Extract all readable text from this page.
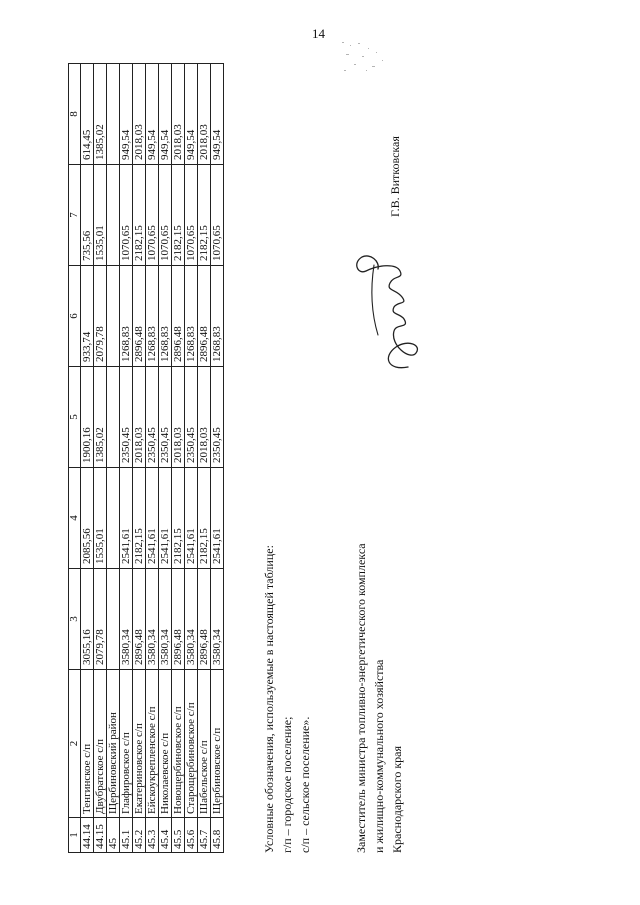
14
1	2	3	4	5	6	7	8
44.14	Тенгинское с/п	3055,16	2085,56	1900,16	933,74	735,56	614,45
44.15	Двубратское с/п	2079,78	1535,01	1385,02	2079,78	1535,01	1385,02
45	Щербиновский район						
45.1	Глафировское с/п	3580,34	2541,61	2350,45	1268,83	1070,65	949,54
45.2	Екатериновское с/п	2896,48	2182,15	2018,03	2896,48	2182,15	2018,03
45.3	Ейскоукрепленское с/п	3580,34	2541,61	2350,45	1268,83	1070,65	949,54
45.4	Николаевское с/п	3580,34	2541,61	2350,45	1268,83	1070,65	949,54
45.5	Новощербиновское с/п	2896,48	2182,15	2018,03	2896,48	2182,15	2018,03
45.6	Старощербиновское с/п	3580,34	2541,61	2350,45	1268,83	1070,65	949,54
45.7	Шабельское с/п	2896,48	2182,15	2018,03	2896,48	2182,15	2018,03
45.8	Щербиновское с/п	3580,34	2541,61	2350,45	1268,83	1070,65	949,54
Условные обозначения, используемые в настоящей таблице: г/п – городское поселение; с/п – сельское поселение».	Заместитель министра топливно-энергетического комплекса и жилищно-коммунального хозяйства Краснодарского края
Г.В. Витковская
